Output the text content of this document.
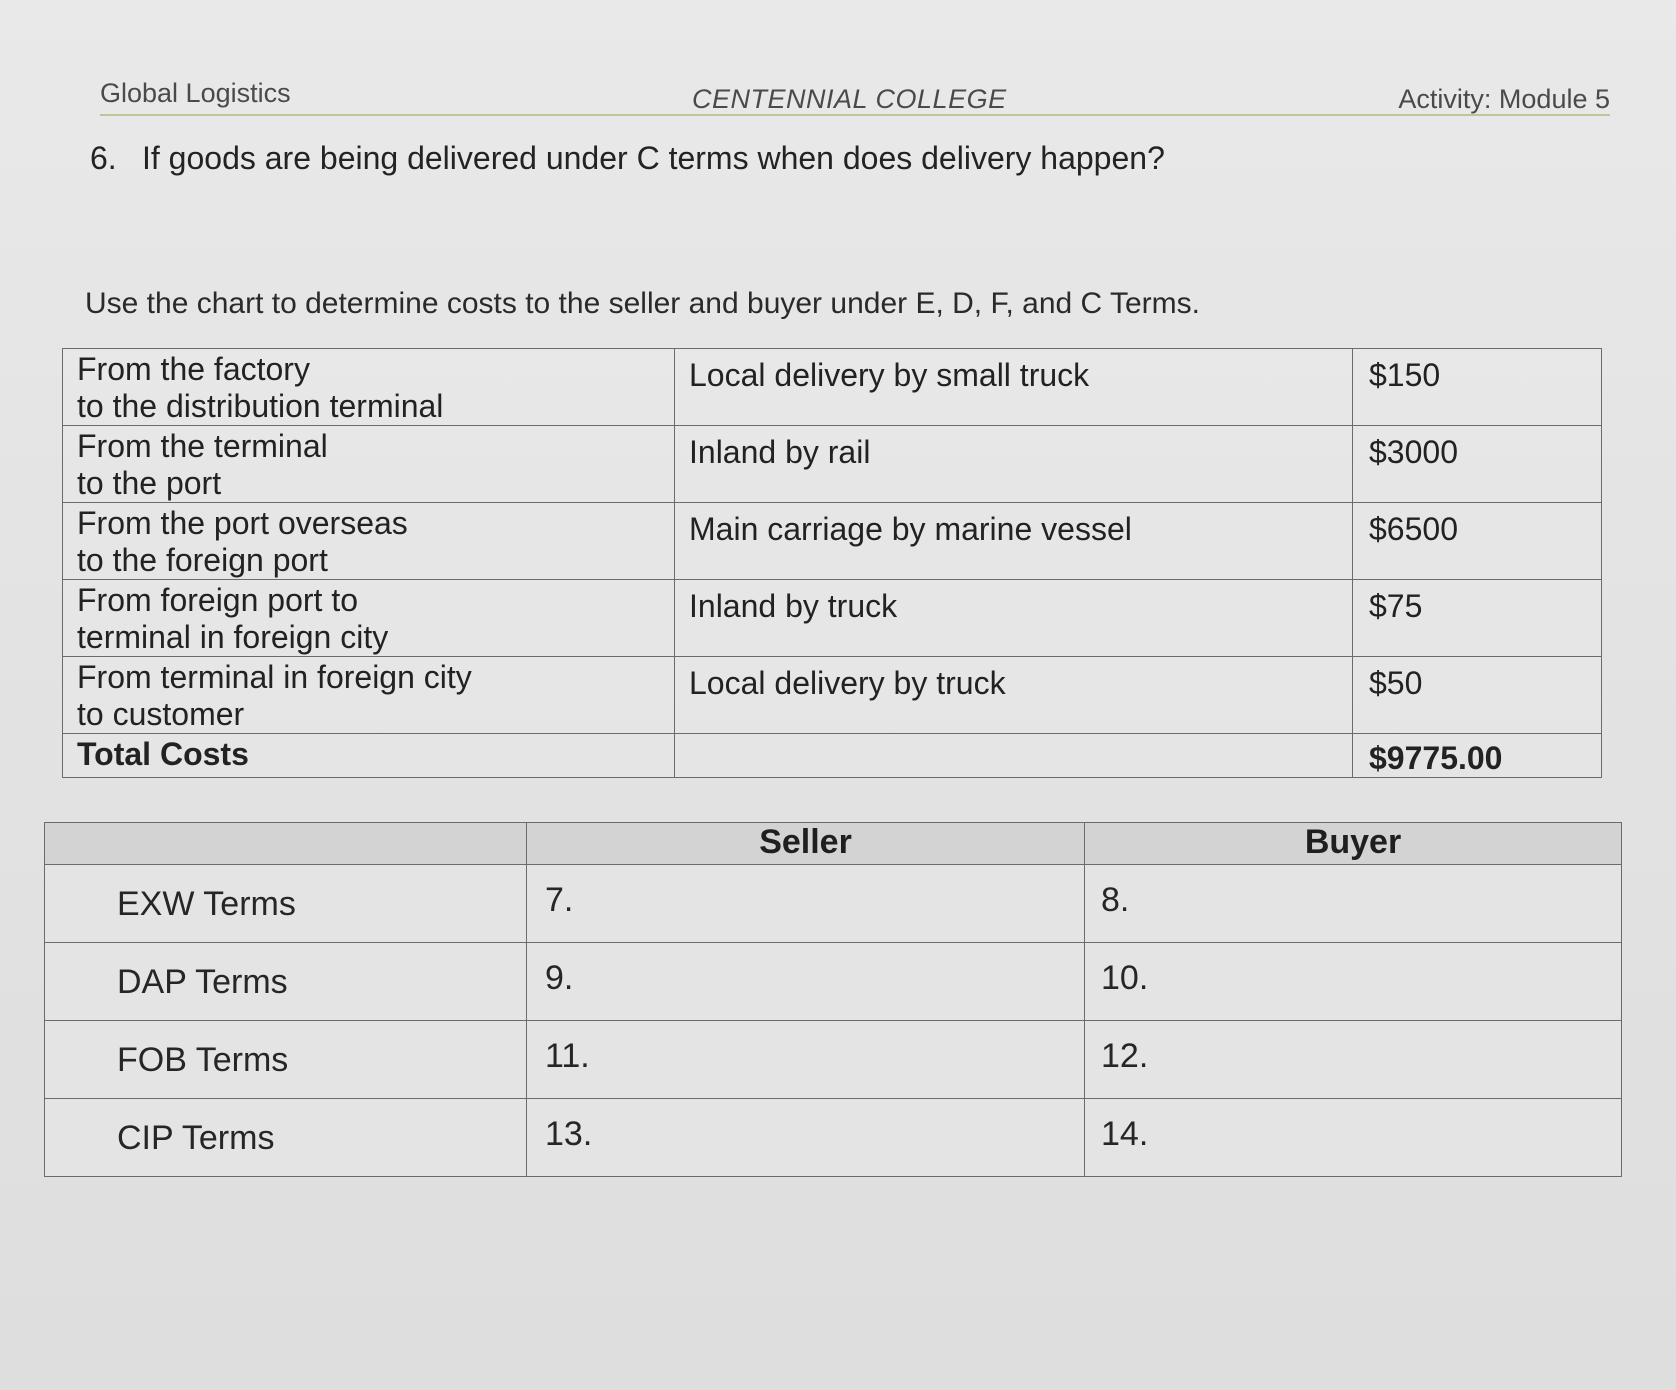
Global Logistics	CENTENNIAL COLLEGE	Activity: Module 5
6. If goods are being delivered under C terms when does delivery happen?
Use the chart to determine costs to the seller and buyer under E, D, F, and C Terms.
From the factory
to the distribution terminal	Local delivery by small truck	$150

From the terminal
to the port	Inland by rail	$3000

From the port overseas
to the foreign port	Main carriage by marine vessel	$6500

From foreign port to
terminal in foreign city	Inland by truck	$75

From terminal in foreign city
to customer	Local delivery by truck	$50
Total Costs		$9775.00
	Seller	Buyer
EXW Terms	7.	8.
DAP Terms	9.	10.
FOB Terms	11.	12.
CIP Terms	13.	14.
